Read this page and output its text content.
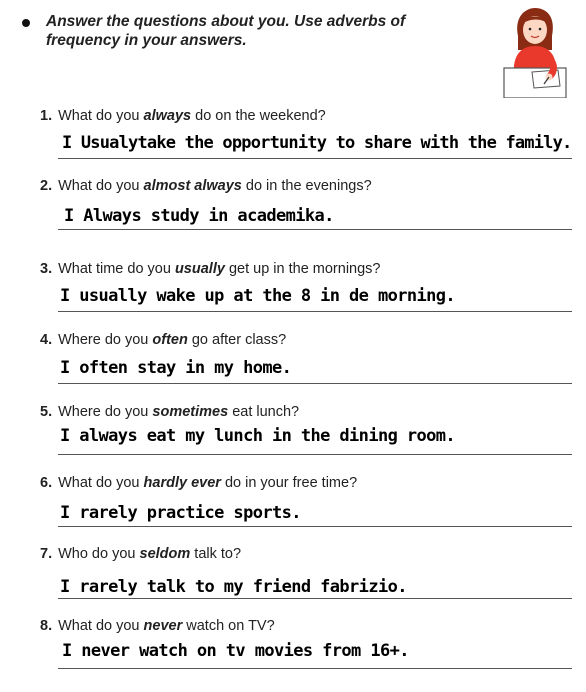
Answer the questions about you. Use adverbs of
frequency in your answers.
1. What do you always do on the weekend?
I Usualytake the opportunity to share with the family.
2. What do you almost always do in the evenings?
I Always study in academika.
3. What time do you usually get up in the mornings?
I usually wake up at the 8 in de morning.
4. Where do you often go after class?
I often stay in my home.
5. Where do you sometimes eat lunch?
I always eat my lunch in the dining room.
6. What do you hardly ever do in your free time?
I rarely practice sports.
7. Who do you seldom talk to?
I rarely talk to my friend fabrizio.
8. What do you never watch on TV?
I never watch on tv movies from 16+.
